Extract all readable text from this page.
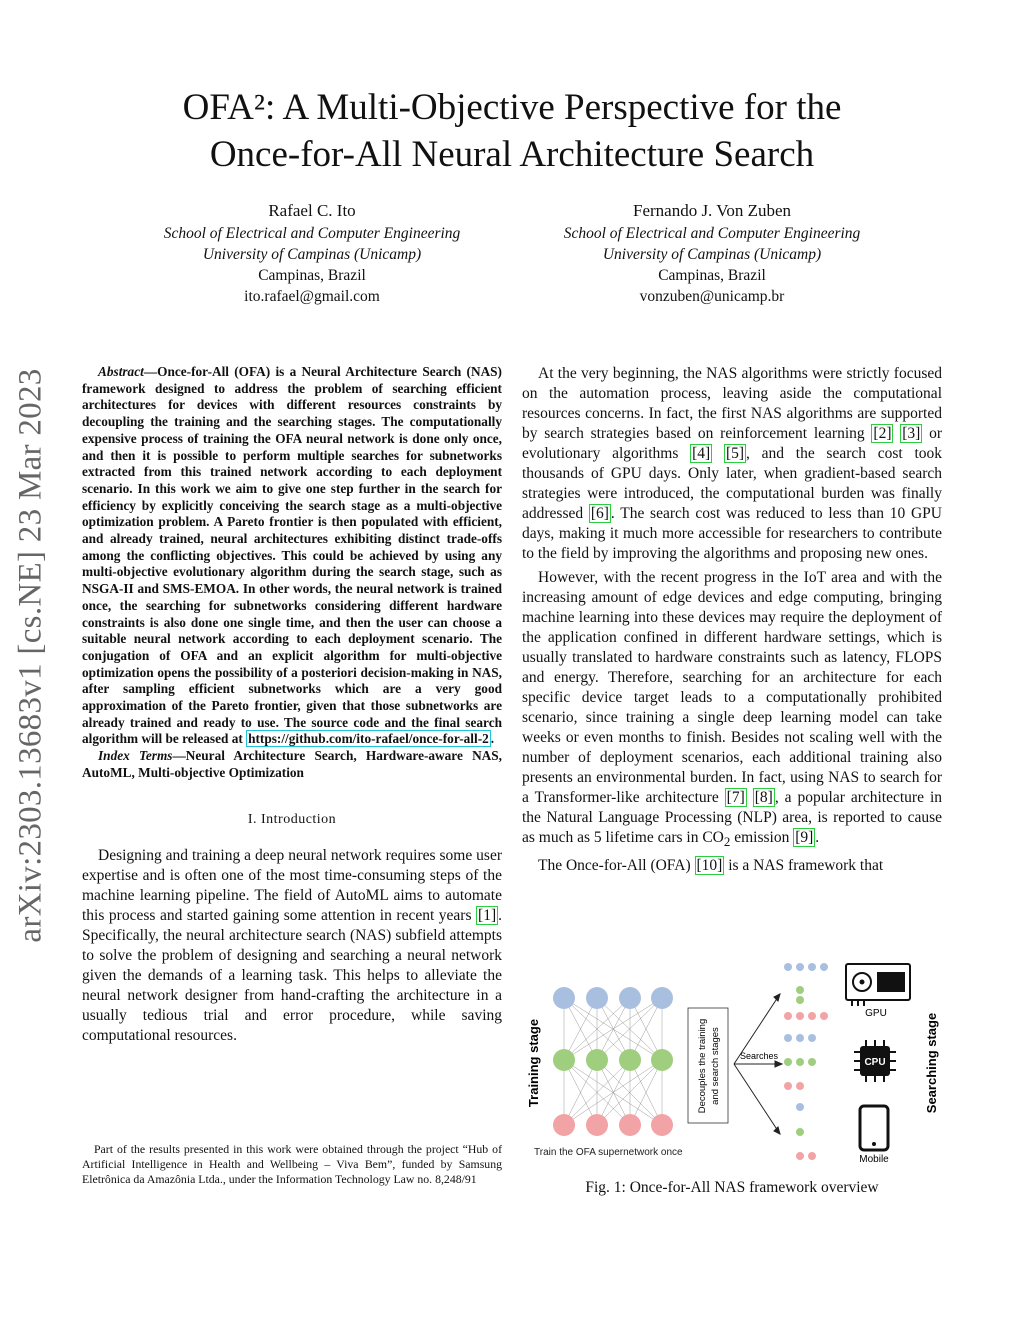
arXiv:2303.13683v1 [cs.NE] 23 Mar 2023
OFA²: A Multi-Objective Perspective for the
Once-for-All Neural Architecture Search
Rafael C. Ito
School of Electrical and Computer Engineering
University of Campinas (Unicamp)
Campinas, Brazil
ito.rafael@gmail.com
Fernando J. Von Zuben
School of Electrical and Computer Engineering
University of Campinas (Unicamp)
Campinas, Brazil
vonzuben@unicamp.br

Abstract—Once-for-All (OFA) is a Neural Architecture Search (NAS) framework designed to address the problem of searching efficient architectures for devices with different resources constraints by decoupling the training and the searching stages. The computationally expensive process of training the OFA neural network is done only once, and then it is possible to perform multiple searches for subnetworks extracted from this trained network according to each deployment scenario. In this work we aim to give one step further in the search for efficiency by explicitly conceiving the search stage as a multi-objective optimization problem. A Pareto frontier is then populated with efficient, and already trained, neural architectures exhibiting distinct trade-offs among the conflicting objectives. This could be achieved by using any multi-objective evolutionary algorithm during the search stage, such as NSGA-II and SMS-EMOA. In other words, the neural network is trained once, the searching for subnetworks considering different hardware constraints is also done one single time, and then the user can choose a suitable neural network according to each deployment scenario. The conjugation of OFA and an explicit algorithm for multi-objective optimization opens the possibility of a posteriori decision-making in NAS, after sampling efficient subnetworks which are a very good approximation of the Pareto frontier, given that those subnetworks are already trained and ready to use. The source code and the final search algorithm will be released at https://github.com/ito-rafael/once-for-all-2 .

Index Terms—Neural Architecture Search, Hardware-aware NAS, AutoML, Multi-objective Optimization

I. Introduction

Designing and training a deep neural network requires some user expertise and is often one of the most time-consuming steps of the machine learning pipeline. The field of AutoML aims to automate this process and started gaining some attention in recent years [1] . Specifically, the neural architecture search (NAS) subfield attempts to solve the problem of designing and searching a neural network given the demands of a learning task. This helps to alleviate the neural network designer from hand-crafting the architecture in a usually tedious trial and error procedure, while saving computational resources.

Part of the results presented in this work were obtained through the project “Hub of Artificial Intelligence in Health and Wellbeing – Viva Bem”, funded by Samsung Eletrônica da Amazônia Ltda., under the Information Technology Law no. 8,248/91

At the very beginning, the NAS algorithms were strictly focused on the automation process, leaving aside the computational resources concerns. In fact, the first NAS algorithms are supported by search strategies based on reinforcement learning [2] [3] or evolutionary algorithms [4] [5] , and the search cost took thousands of GPU days. Only later, when gradient-based search strategies were introduced, the computational burden was finally addressed [6] . The search cost was reduced to less than 10 GPU days, making it much more accessible for researchers to contribute to the field by improving the algorithms and proposing new ones.

However, with the recent progress in the IoT area and with the increasing amount of edge devices and edge computing, bringing machine learning into these devices may require the deployment of the application confined in different hardware settings, which is usually translated to hardware constraints such as latency, FLOPS and energy. Therefore, searching for an architecture for each specific device target leads to a computationally prohibited scenario, since training a single deep learning model can take weeks or even months to finish. Besides not scaling well with the number of deployment scenarios, each additional training also presents an environmental burden. In fact, using NAS to search for a Transformer-like architecture [7] [8] , a popular architecture in the Natural Language Processing (NLP) area, is reported to cause as much as 5 lifetime cars in $CO_2$ emission [9] .

The Once-for-All (OFA) [10] is a NAS framework that

Training stage
Train the OFA supernetwork once
Decouples the training and search stages Searches
GPU
CPU
Mobile
Searching stage
Fig. 1: Once-for-All NAS framework overview
